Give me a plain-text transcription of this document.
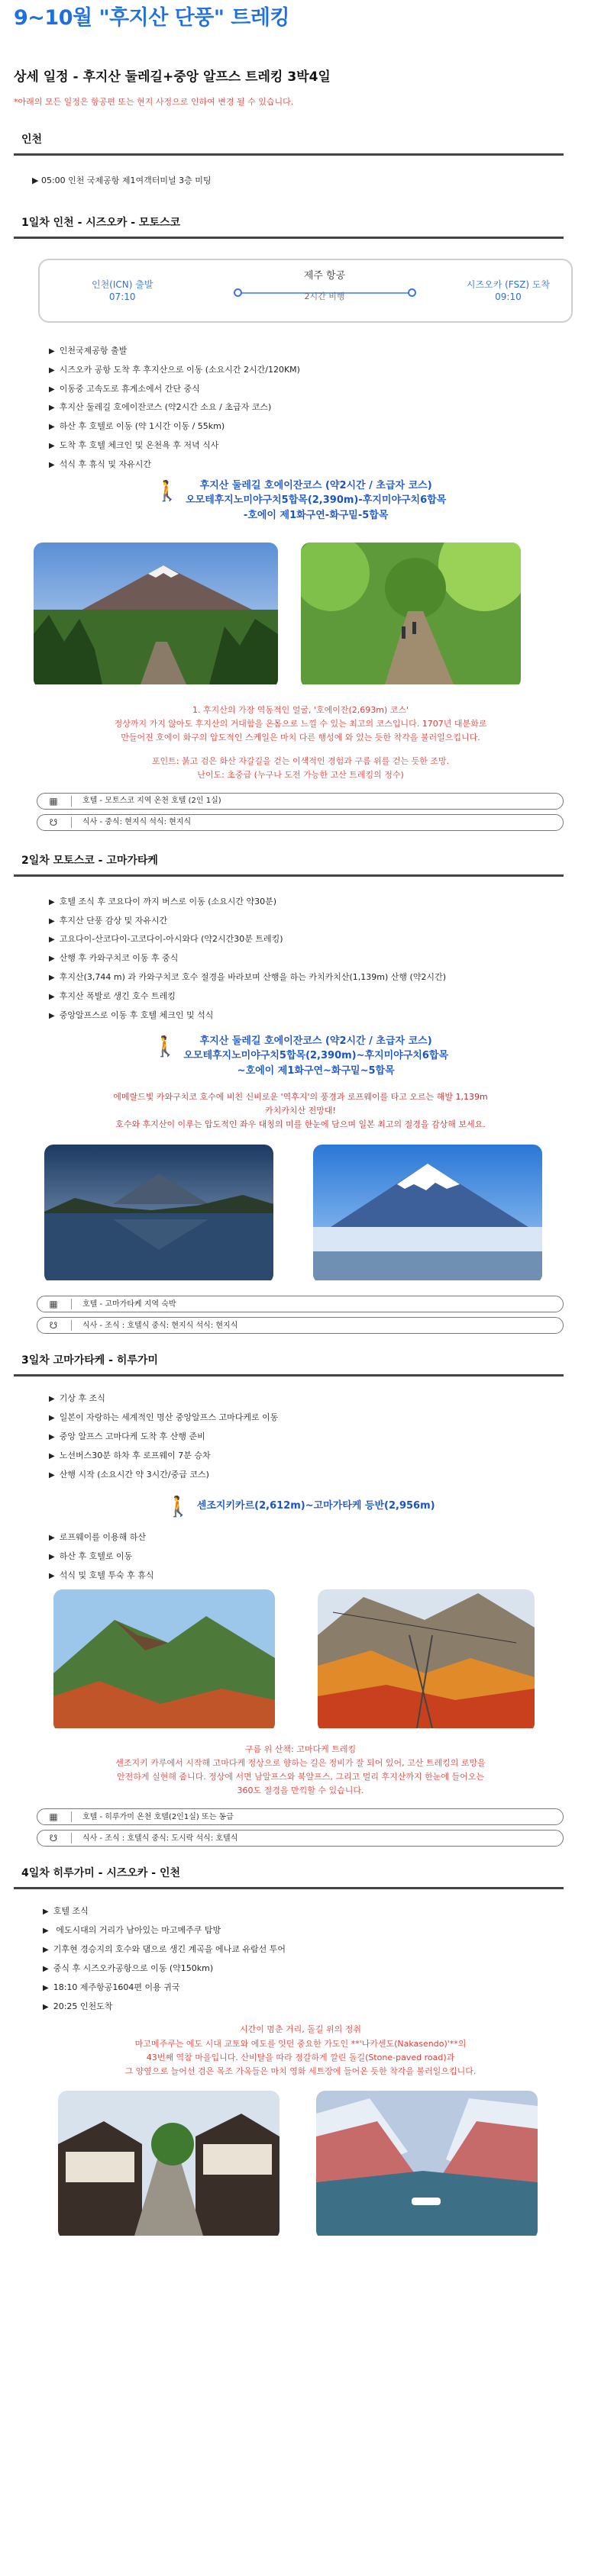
9~10월 "후지산 단풍" 트레킹
상세 일정 - 후지산 둘레길+중앙 알프스 트레킹 3박4일
*아래의 모든 일정은 항공편 또는 현지 사정으로 인하여 변경 될 수 있습니다.
인천
▶ 05:00 인천 국제공항 제1여객터미널 3층 미팅
1일차 인천 - 시즈오카 - 모토스코
인천(ICN) 출발
07:10
제주 항공
2시간 비행
시즈오카 (FSZ) 도착
09:10
▶ 인천국제공항 출발
▶ 시즈오카 공항 도착 후 후지산으로 이동 (소요시간 2시간/120KM)
▶ 이동중 고속도로 휴게소에서 간단 중식
▶ 후지산 둘레길 호에이잔코스 (약2시간 소요 / 초급자 코스)
▶ 하산 후 호텔로 이동 (약 1시간 이동 / 55km)
▶ 도착 후 호텔 체크인 및 온천욕 후 저녁 식사
▶ 석식 후 휴식 및 자유시간
🚶	후지산 둘레길 호에이잔코스 (약2시간 / 초급자 코스)
오모테후지노미야구치5합목(2,390m)-후지미야구치6합목
-호에이 제1화구연-화구밑-5합목
1. 후지산의 가장 역동적인 얼굴, '호에이잔(2,693m) 코스'
정상까지 가지 않아도 후지산의 거대함을 온몸으로 느낄 수 있는 최고의 코스입니다. 1707년 대분화로
만들어진 호에이 화구의 압도적인 스케일은 마치 다른 행성에 와 있는 듯한 착각을 불러일으킵니다.
포인트: 붉고 검은 화산 자갈길을 걷는 이색적인 경험과 구름 위를 걷는 듯한 조망.
난이도: 초중급 (누구나 도전 가능한 고산 트레킹의 정수)
▦	호텔 - 모토스코 지역 온천 호텔 (2인 1실)
☋	식사 - 중식: 현지식 석식: 현지식
2일차 모토스코 - 고마가타케
▶ 호텔 조식 후 코요다이 까지 버스로 이동 (소요시간 약30분)
▶ 후지산 단풍 감상 및 자유시간
▶ 고요다이-산코다이-고코다이-아시와다 (약2시간30분 트레킹)
▶ 산행 후 카와구치코 이동 후 중식
▶ 후지산(3,744 m) 과 카와구치코 호수 절경을 바라보며 산행을 하는 카치카치산(1,139m) 산행 (약2시간)
▶ 후지산 폭발로 생긴 호수 트레킹
▶ 중앙알프스로 이동 후 호텔 체크인 및 석식
🚶	후지산 둘레길 호에이잔코스 (약2시간 / 초급자 코스)
오모테후지노미야구치5합목(2,390m)~후지미야구치6합목
~호에이 제1화구연~화구밑~5합목
에메랄드빛 카와구치코 호수에 비친 신비로운 '역후지'의 풍경과 로프웨이를 타고 오르는 해발 1,139m
카치카치산 전망대!
호수와 후지산이 이루는 압도적인 좌우 대칭의 미를 한눈에 담으며 일본 최고의 절경을 감상해 보세요.
▦	호텔 - 고마가타케 지역 숙박
☋	식사 - 조식 : 호텔식 중식: 현지식 석식: 현지식
3일차 고마가타케 - 히루가미
▶ 기상 후 조식
▶ 일본이 자랑하는 세계적인 명산 중앙알프스 고마다케로 이동
▶ 중앙 알프스 고마다케 도착 후 산행 준비
▶ 노선버스30분 하차 후 로프웨이 7분 승차
▶ 산행 시작 (소요시간 약 3시간/중급 코스)
🚶 센조지키카르(2,612m)~고마가타케 등반(2,956m)
▶ 로프웨이를 이용해 하산
▶ 하산 후 호텔로 이동
▶ 석식 및 호텔 투숙 후 휴식
구름 위 산책: 고마다케 트레킹
센조지키 카루에서 시작해 고마다케 정상으로 향하는 길은 정비가 잘 되어 있어, 고산 트레킹의 로망을
안전하게 실현해 줍니다. 정상에 서면 남알프스와 북알프스, 그리고 멀리 후지산까지 한눈에 들어오는
360도 절경을 만끽할 수 있습니다.
▦	호텔 - 히루가미 온천 호텔(2인1실) 또는 동급
☋	식사 - 조식 : 호텔식 중식: 도시락 석식: 호텔식
4일차 히루가미 - 시즈오카 - 인천
▶ 호텔 조식
▶ 에도시대의 거리가 남아있는 마고메주쿠 탐방
▶ 기후현 경승지의 호수와 댐으로 생긴 계곡을 에나쿄 유람선 투어
▶ 중식 후 시즈오카공항으로 이동 (약150km)
▶ 18:10 제주항공1604편 이용 귀국
▶ 20:25 인천도착
시간이 멈춘 거리, 돌길 위의 정취
마고메주쿠는 에도 시대 교토와 에도를 잇던 중요한 가도인 **'나카센도(Nakasendo)'**의
43번째 역참 마을입니다. 산비탈을 따라 정갈하게 깔린 돌길(Stone-paved road)과
그 양옆으로 늘어선 검은 목조 가옥들은 마치 영화 세트장에 들어온 듯한 착각을 불러일으킵니다.
